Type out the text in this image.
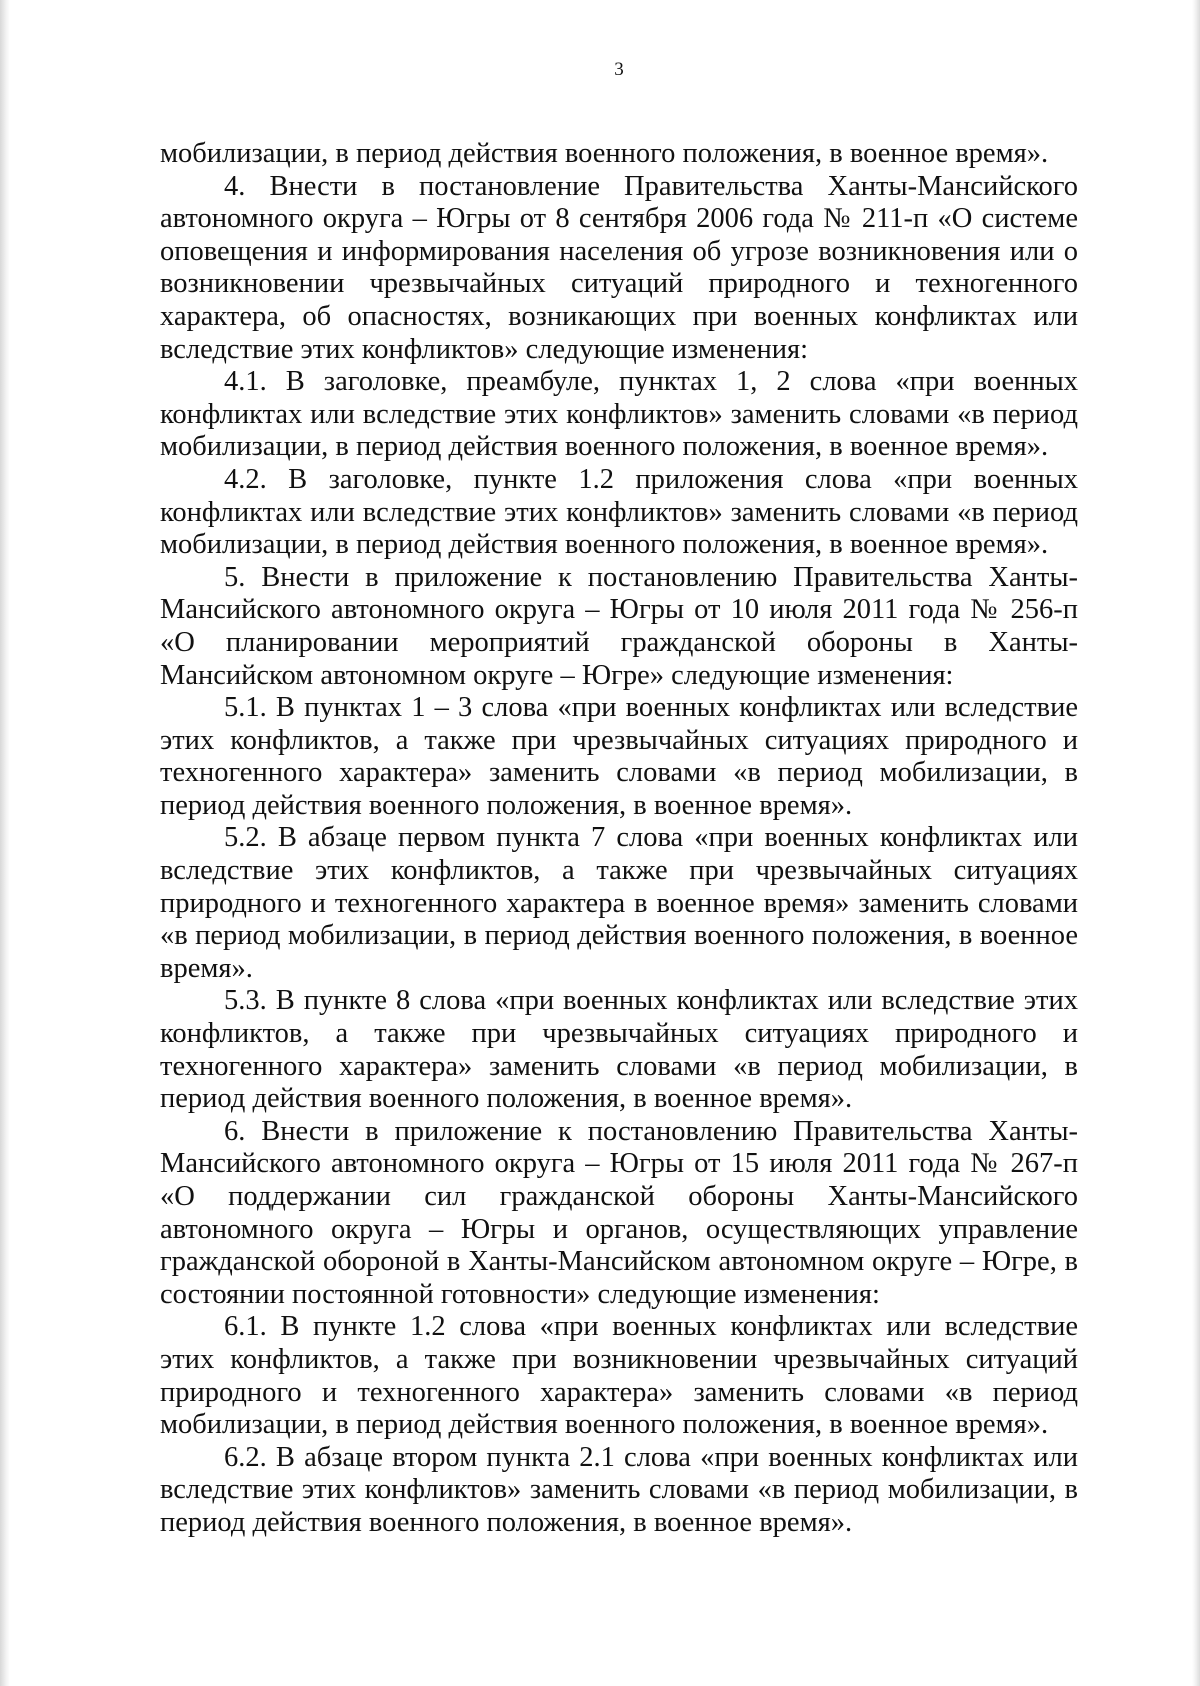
3

мобилизации, в период действия военного положения, в военное время».

4. Внести в постановление Правительства Ханты-Мансийского автономного округа – Югры от 8 сентября 2006 года № 211-п «О системе оповещения и информирования населения об угрозе возникновения или о возникновении чрезвычайных ситуаций природного и техногенного характера, об опасностях, возникающих при военных конфликтах или вследствие этих конфликтов» следующие изменения:

4.1. В заголовке, преамбуле, пунктах 1, 2 слова «при военных конфликтах или вследствие этих конфликтов» заменить словами «в период мобилизации, в период действия военного положения, в военное время».

4.2. В заголовке, пункте 1.2 приложения слова «при военных конфликтах или вследствие этих конфликтов» заменить словами «в период мобилизации, в период действия военного положения, в военное время».

5. Внести в приложение к постановлению Правительства Ханты-Мансийского автономного округа – Югры от 10 июля 2011 года № 256-п «О планировании мероприятий гражданской обороны в Ханты-Мансийском автономном округе – Югре» следующие изменения:

5.1. В пунктах 1 – 3 слова «при военных конфликтах или вследствие этих конфликтов, а также при чрезвычайных ситуациях природного и техногенного характера» заменить словами «в период мобилизации, в период действия военного положения, в военное время».

5.2. В абзаце первом пункта 7 слова «при военных конфликтах или вследствие этих конфликтов, а также при чрезвычайных ситуациях природного и техногенного характера в военное время» заменить словами «в период мобилизации, в период действия военного положения, в военное время».

5.3. В пункте 8 слова «при военных конфликтах или вследствие этих конфликтов, а также при чрезвычайных ситуациях природного и техногенного характера» заменить словами «в период мобилизации, в период действия военного положения, в военное время».

6. Внести в приложение к постановлению Правительства Ханты-Мансийского автономного округа – Югры от 15 июля 2011 года № 267-п «О поддержании сил гражданской обороны Ханты-Мансийского автономного округа – Югры и органов, осуществляющих управление гражданской обороной в Ханты-Мансийском автономном округе – Югре, в состоянии постоянной готовности» следующие изменения:

6.1. В пункте 1.2 слова «при военных конфликтах или вследствие этих конфликтов, а также при возникновении чрезвычайных ситуаций природного и техногенного характера» заменить словами «в период мобилизации, в период действия военного положения, в военное время».

6.2. В абзаце втором пункта 2.1 слова «при военных конфликтах или вследствие этих конфликтов» заменить словами «в период мобилизации, в период действия военного положения, в военное время».
